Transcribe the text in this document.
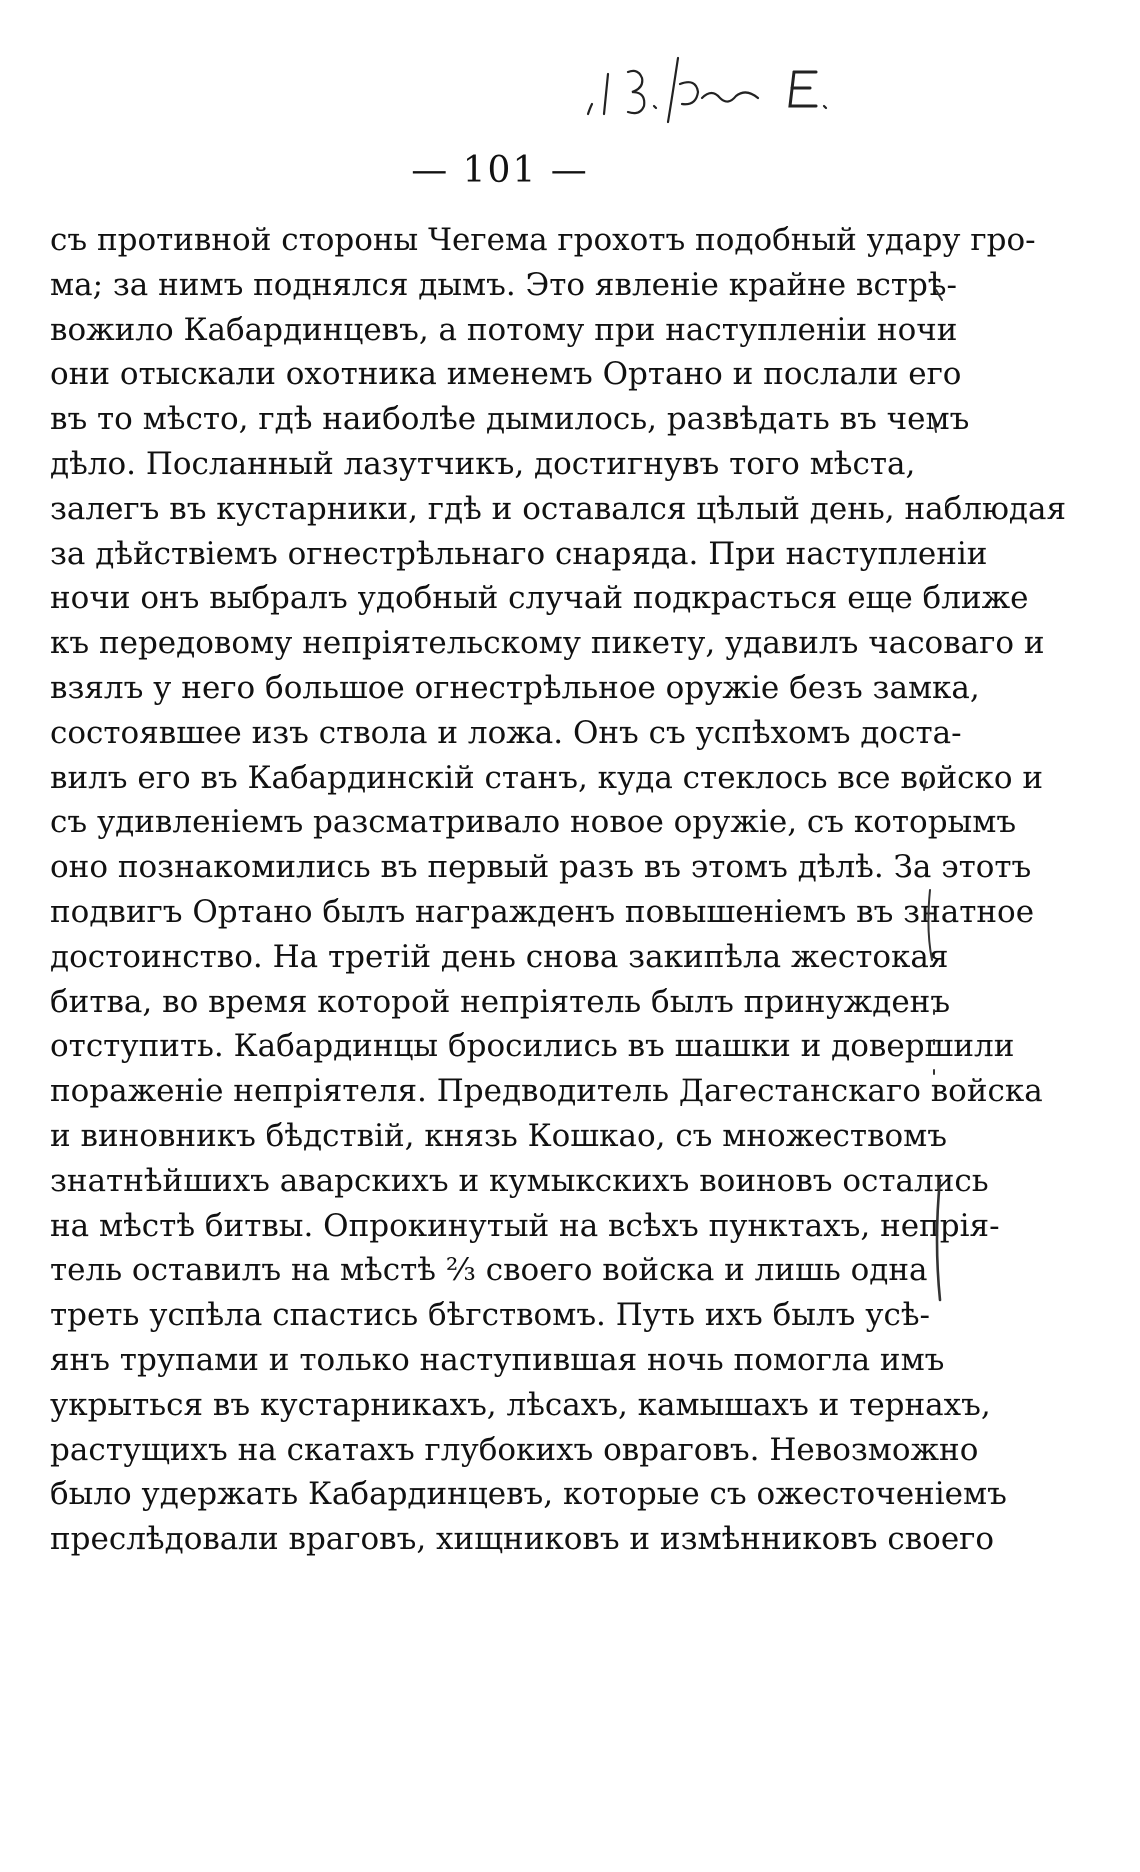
— 101 —
съ противной стороны Чегема грохотъ подобный удару гро-
ма; за нимъ поднялся дымъ. Это явленіе крайне встрѣ-
вожило Кабардинцевъ, а потому при наступленіи ночи
они отыскали охотника именемъ Ортано и послали его
въ то мѣсто, гдѣ наиболѣе дымилось, развѣдать въ чемъ
дѣло. Посланный лазутчикъ, достигнувъ того мѣста,
залегъ въ кустарники, гдѣ и оставался цѣлый день, наблюдая
за дѣйствіемъ огнестрѣльнаго снаряда. При наступленіи
ночи онъ выбралъ удобный случай подкрасться еще ближе
къ передовому непріятельскому пикету, удавилъ часоваго и
взялъ у него большое огнестрѣльное оружіе безъ замка,
состоявшее изъ ствола и ложа. Онъ съ успѣхомъ доста-
вилъ его въ Кабардинскій станъ, куда стеклось все войско и
съ удивленіемъ разсматривало новое оружіе, съ которымъ
оно познакомились въ первый разъ въ этомъ дѣлѣ. За этотъ
подвигъ Ортано былъ награжденъ повышеніемъ въ знатное
достоинство. На третій день снова закипѣла жестокая
битва, во время которой непріятель былъ принужденъ
отступить. Кабардинцы бросились въ шашки и довершили
пораженіе непріятеля. Предводитель Дагестанскаго войска
и виновникъ бѣдствій, князь Кошкао, съ множествомъ
знатнѣйшихъ аварскихъ и кумыкскихъ воиновъ остались
на мѣстѣ битвы. Опрокинутый на всѣхъ пунктахъ, непрія-
тель оставилъ на мѣстѣ ⅔ своего войска и лишь одна
треть успѣла спастись бѣгствомъ. Путь ихъ былъ усѣ-
янъ трупами и только наступившая ночь помогла имъ
укрыться въ кустарникахъ, лѣсахъ, камышахъ и тернахъ,
растущихъ на скатахъ глубокихъ овраговъ. Невозможно
было удержать Кабардинцевъ, которые съ ожесточеніемъ
преслѣдовали враговъ, хищниковъ и измѣнниковъ своего
